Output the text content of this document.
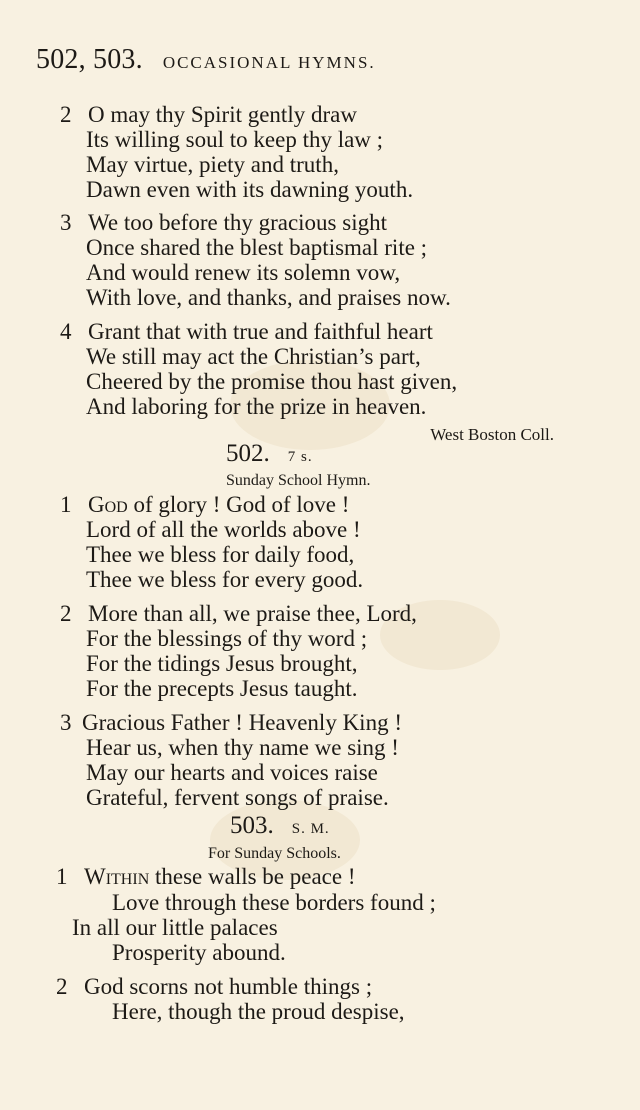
502, 503. OCCASIONAL HYMNS.
2 O may thy Spirit gently draw
Its willing soul to keep thy law ;
May virtue, piety and truth,
Dawn even with its dawning youth.
3 We too before thy gracious sight
Once shared the blest baptismal rite ;
And would renew its solemn vow,
With love, and thanks, and praises now.
4 Grant that with true and faithful heart
We still may act the Christian’s part,
Cheered by the promise thou hast given,
And laboring for the prize in heaven.
West Boston Coll.
502. 7 s.
Sunday School Hymn.
1 God of glory ! God of love !
Lord of all the worlds above !
Thee we bless for daily food,
Thee we bless for every good.
2 More than all, we praise thee, Lord,
For the blessings of thy word ;
For the tidings Jesus brought,
For the precepts Jesus taught.
3 Gracious Father ! Heavenly King !
Hear us, when thy name we sing !
May our hearts and voices raise
Grateful, fervent songs of praise.
503. S. M.
For Sunday Schools.
1 Within these walls be peace !
Love through these borders found ;
In all our little palaces
Prosperity abound.
2 God scorns not humble things ;
Here, though the proud despise,
